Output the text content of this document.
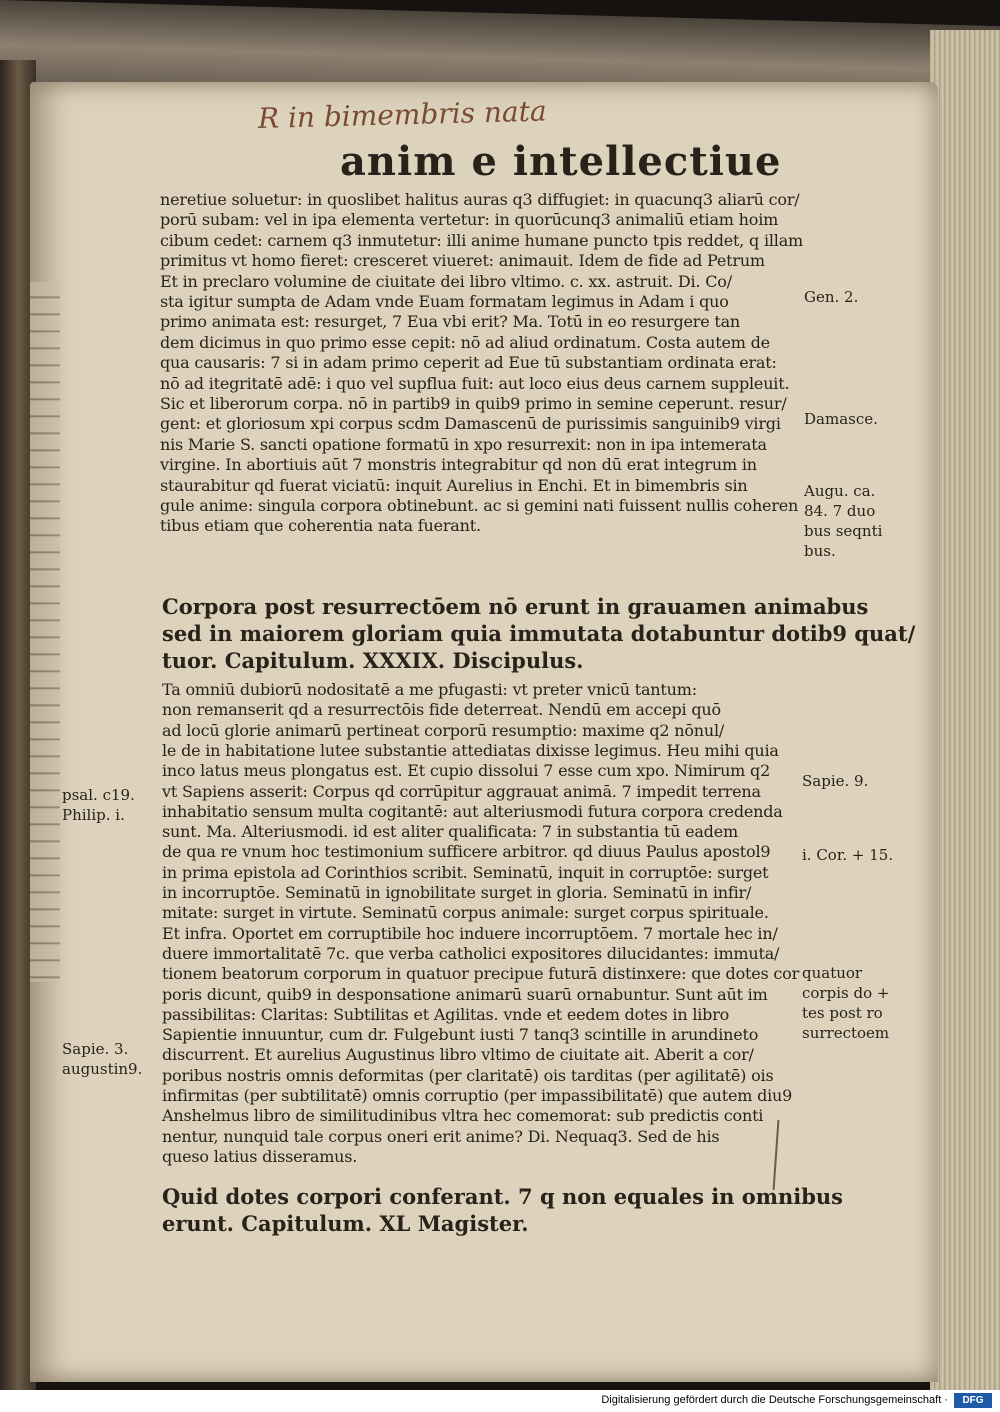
R in bimembris nata
anim e intellectiue
neretiue soluetur: in quoslibet halitus auras q3 diffugiet: in quacunq3 aliarū cor/
porū subam: vel in ipa elementa vertetur: in quorūcunq3 animaliū etiam hoim
cibum cedet: carnem q3 inmutetur: illi anime humane puncto tpis reddet, q illam
primitus vt homo fieret: cresceret viueret: animauit. Idem de fide ad Petrum
Et in preclaro volumine de ciuitate dei libro vltimo. c. xx. astruit. Di. Co/
sta igitur sumpta de Adam vnde Euam formatam legimus in Adam i quo
primo animata est: resurget, 7 Eua vbi erit? Ma. Totū in eo resurgere tan
dem dicimus in quo primo esse cepit: nō ad aliud ordinatum. Costa autem de
qua causaris: 7 si in adam primo ceperit ad Eue tū substantiam ordinata erat:
nō ad itegritatē adē: i quo vel supflua fuit: aut loco eius deus carnem suppleuit.
Sic et liberorum corpa. nō in partib9 in quib9 primo in semine ceperunt. resur/
gent: et gloriosum xpi corpus scdm Damascenū de purissimis sanguinib9 virgi
nis Marie S. sancti opatione formatū in xpo resurrexit: non in ipa intemerata
virgine. In abortiuis aūt 7 monstris integrabitur qd non dū erat integrum in
staurabitur qd fuerat viciatū: inquit Aurelius in Enchi. Et in bimembris sin
gule anime: singula corpora obtinebunt. ac si gemini nati fuissent nullis coheren
tibus etiam que coherentia nata fuerant.
Gen. 2.
Damasce.
Augu. ca.
84. 7 duo
bus seqnti
bus.
Corpora post resurrectōem nō erunt in grauamen animabus
sed in maiorem gloriam quia immutata dotabuntur dotib9 quat/
tuor. Capitulum. XXXIX. Discipulus.
Ta omniū dubiorū nodositatē a me pfugasti: vt preter vnicū tantum:
non remanserit qd a resurrectōis fide deterreat. Nendū em accepi quō
ad locū glorie animarū pertineat corporū resumptio: maxime q2 nōnul/
le de in habitatione lutee substantie attediatas dixisse legimus. Heu mihi quia
inco latus meus plongatus est. Et cupio dissolui 7 esse cum xpo. Nimirum q2
vt Sapiens asserit: Corpus qd corrūpitur aggrauat animā. 7 impedit terrena
inhabitatio sensum multa cogitantē: aut alteriusmodi futura corpora credenda
sunt. Ma. Alteriusmodi. id est aliter qualificata: 7 in substantia tū eadem
de qua re vnum hoc testimonium sufficere arbitror. qd diuus Paulus apostol9
in prima epistola ad Corinthios scribit. Seminatū, inquit in corruptōe: surget
in incorruptōe. Seminatū in ignobilitate surget in gloria. Seminatū in infir/
mitate: surget in virtute. Seminatū corpus animale: surget corpus spirituale.
Et infra. Oportet em corruptibile hoc induere incorruptōem. 7 mortale hec in/
duere immortalitatē 7c. que verba catholici expositores dilucidantes: immuta/
tionem beatorum corporum in quatuor precipue futurā distinxere: que dotes cor
poris dicunt, quib9 in desponsatione animarū suarū ornabuntur. Sunt aūt im
passibilitas: Claritas: Subtilitas et Agilitas. vnde et eedem dotes in libro
Sapientie innuuntur, cum dr. Fulgebunt iusti 7 tanq3 scintille in arundineto
discurrent. Et aurelius Augustinus libro vltimo de ciuitate ait. Aberit a cor/
poribus nostris omnis deformitas (per claritatē) ois tarditas (per agilitatē) ois
infirmitas (per subtilitatē) omnis corruptio (per impassibilitatē) que autem diu9
Anshelmus libro de similitudinibus vltra hec comemorat: sub predictis conti
nentur, nunquid tale corpus oneri erit anime? Di. Nequaq3. Sed de his
queso latius disseramus.
psal. c19.
Philip. i.
Sapie. 3.
augustin9.
Sapie. 9.
i. Cor. + 15.
quatuor
corpis do +
tes post ro
surrectoem
Quid dotes corpori conferant. 7 q non equales in omnibus
erunt. Capitulum. XL Magister.
Digitalisierung gefördert durch die Deutsche Forschungsgemeinschaft ·	DFG
